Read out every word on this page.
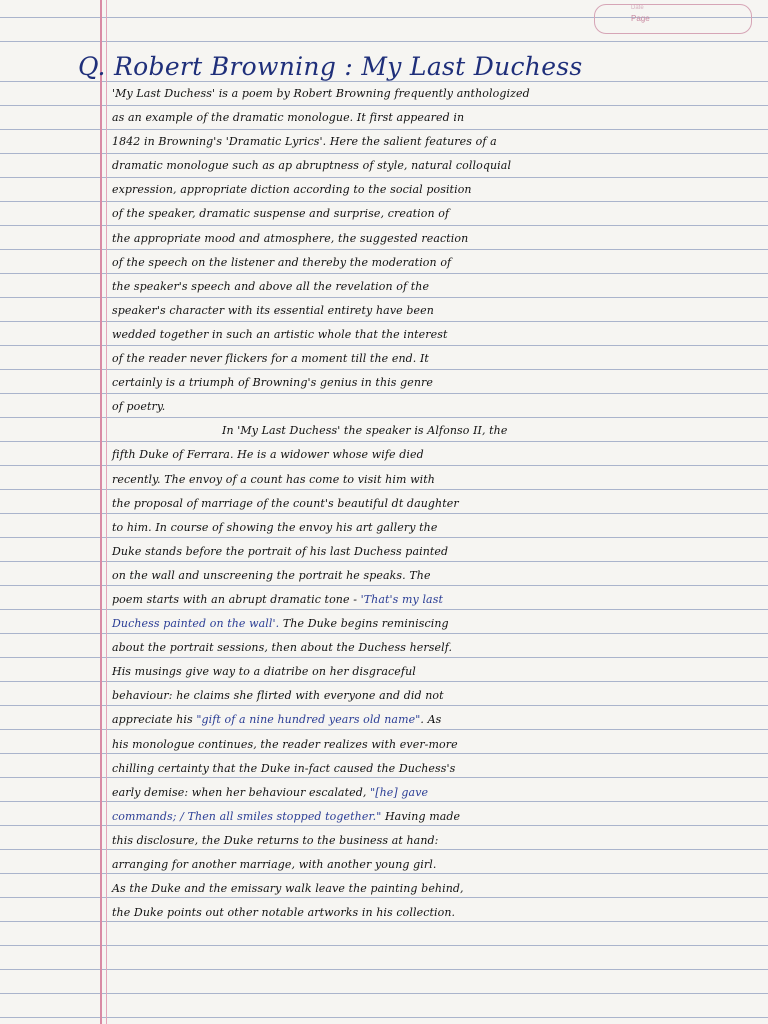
Date
Page
Q. Robert Browning : My Last Duchess
'My Last Duchess' is a poem by Robert Browning frequently anthologized
as an example of the dramatic monologue. It first appeared in
1842 in Browning's 'Dramatic Lyrics'. Here the salient features of a
dramatic monologue such as ap abruptness of style, natural colloquial
expression, appropriate diction according to the social position
of the speaker, dramatic suspense and surprise, creation of
the appropriate mood and atmosphere, the suggested reaction
of the speech on the listener and thereby the moderation of
the speaker's speech and above all the revelation of the
speaker's character with its essential entirety have been
wedded together in such an artistic whole that the interest
of the reader never flickers for a moment till the end. It
certainly is a triumph of Browning's genius in this genre
of poetry.
In 'My Last Duchess' the speaker is Alfonso II, the
fifth Duke of Ferrara. He is a widower whose wife died
recently. The envoy of a count has come to visit him with
the proposal of marriage of the count's beautiful dt daughter
to him. In course of showing the envoy his art gallery the
Duke stands before the portrait of his last Duchess painted
on the wall and unscreening the portrait he speaks. The
poem starts with an abrupt dramatic tone - 'That's my last
Duchess painted on the wall'. The Duke begins reminiscing
about the portrait sessions, then about the Duchess herself.
His musings give way to a diatribe on her disgraceful
behaviour: he claims she flirted with everyone and did not
appreciate his "gift of a nine hundred years old name". As
his monologue continues, the reader realizes with ever-more
chilling certainty that the Duke in-fact caused the Duchess's
early demise: when her behaviour escalated, "[he] gave
commands; / Then all smiles stopped together." Having made
this disclosure, the Duke returns to the business at hand:
arranging for another marriage, with another young girl.
As the Duke and the emissary walk leave the painting behind,
the Duke points out other notable artworks in his collection.
